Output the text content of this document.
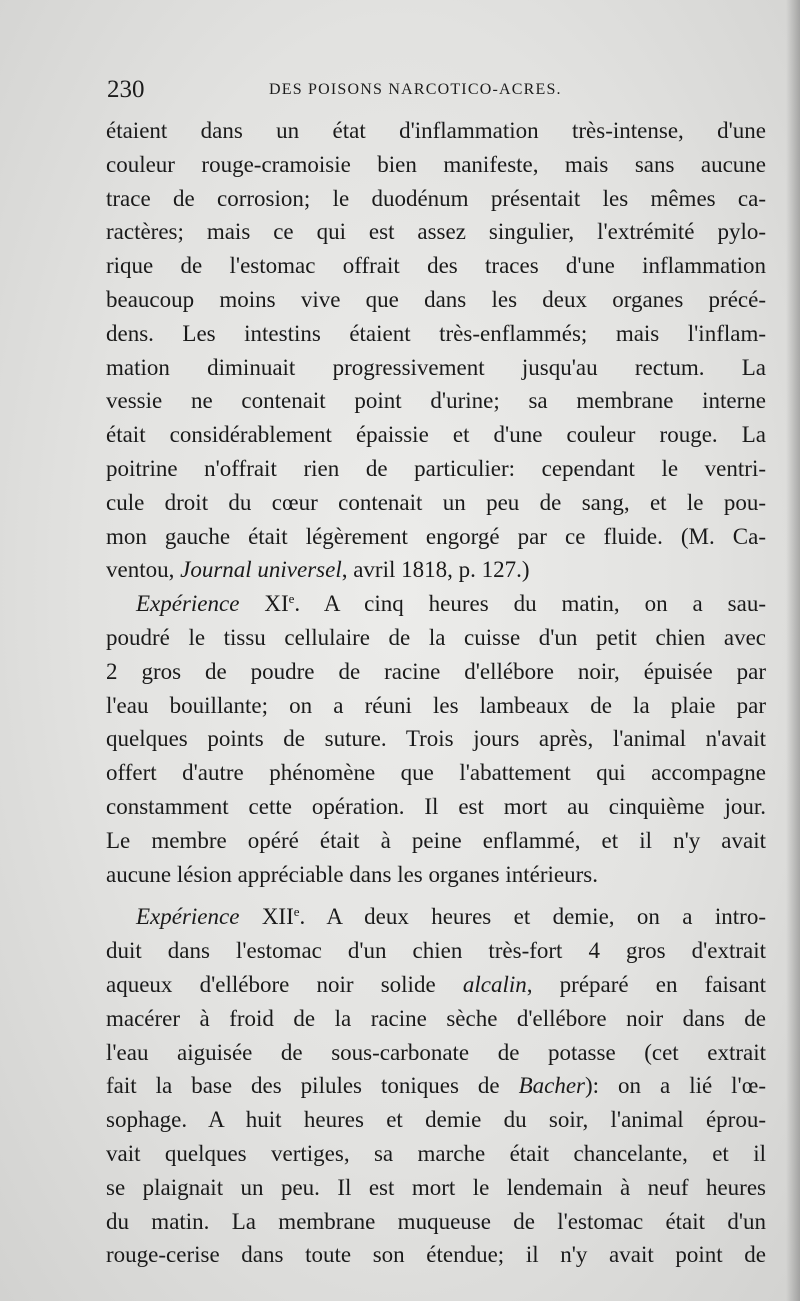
230	DES POISONS NARCOTICO-ACRES.
étaient dans un état d'inflammation très-intense, d'une
couleur rouge-cramoisie bien manifeste, mais sans aucune
trace de corrosion; le duodénum présentait les mêmes ca-
ractères; mais ce qui est assez singulier, l'extrémité pylo-
rique de l'estomac offrait des traces d'une inflammation
beaucoup moins vive que dans les deux organes précé-
dens. Les intestins étaient très-enflammés; mais l'inflam-
mation diminuait progressivement jusqu'au rectum. La
vessie ne contenait point d'urine; sa membrane interne
était considérablement épaissie et d'une couleur rouge. La
poitrine n'offrait rien de particulier: cependant le ventri-
cule droit du cœur contenait un peu de sang, et le pou-
mon gauche était légèrement engorgé par ce fluide. (M. Ca-
ventou, Journal universel, avril 1818, p. 127.)
Expérience XIe. A cinq heures du matin, on a sau-
poudré le tissu cellulaire de la cuisse d'un petit chien avec
2 gros de poudre de racine d'ellébore noir, épuisée par
l'eau bouillante; on a réuni les lambeaux de la plaie par
quelques points de suture. Trois jours après, l'animal n'avait
offert d'autre phénomène que l'abattement qui accompagne
constamment cette opération. Il est mort au cinquième jour.
Le membre opéré était à peine enflammé, et il n'y avait
aucune lésion appréciable dans les organes intérieurs.
Expérience XIIe. A deux heures et demie, on a intro-
duit dans l'estomac d'un chien très-fort 4 gros d'extrait
aqueux d'ellébore noir solide alcalin, préparé en faisant
macérer à froid de la racine sèche d'ellébore noir dans de
l'eau aiguisée de sous-carbonate de potasse (cet extrait
fait la base des pilules toniques de Bacher): on a lié l'œ-
sophage. A huit heures et demie du soir, l'animal éprou-
vait quelques vertiges, sa marche était chancelante, et il
se plaignait un peu. Il est mort le lendemain à neuf heures
du matin. La membrane muqueuse de l'estomac était d'un
rouge-cerise dans toute son étendue; il n'y avait point de
